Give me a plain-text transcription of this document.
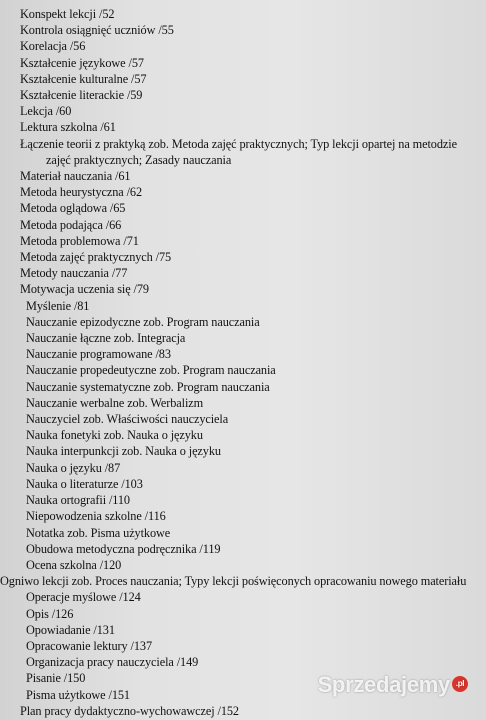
Konspekt lekcji /52
Kontrola osiągnięć uczniów /55
Korelacja /56
Kształcenie językowe /57
Kształcenie kulturalne /57
Kształcenie literackie /59
Lekcja /60
Lektura szkolna /61
Łączenie teorii z praktyką zob. Metoda zajęć praktycznych; Typ lekcji opartej na metodzie zajęć praktycznych; Zasady nauczania
Materiał nauczania /61
Metoda heurystyczna /62
Metoda oglądowa /65
Metoda podająca /66
Metoda problemowa /71
Metoda zajęć praktycznych /75
Metody nauczania /77
Motywacja uczenia się /79
Myślenie /81
Nauczanie epizodyczne zob. Program nauczania
Nauczanie łączne zob. Integracja
Nauczanie programowane /83
Nauczanie propedeutyczne zob. Program nauczania
Nauczanie systematyczne zob. Program nauczania
Nauczanie werbalne zob. Werbalizm
Nauczyciel zob. Właściwości nauczyciela
Nauka fonetyki zob. Nauka o języku
Nauka interpunkcji zob. Nauka o języku
Nauka o języku /87
Nauka o literaturze /103
Nauka ortografii /110
Niepowodzenia szkolne /116
Notatka zob. Pisma użytkowe
Obudowa metodyczna podręcznika /119
Ocena szkolna /120
Ogniwo lekcji zob. Proces nauczania; Typy lekcji poświęconych opracowaniu nowego materiału
Operacje myślowe /124
Opis /126
Opowiadanie /131
Opracowanie lektury /137
Organizacja pracy nauczyciela /149
Pisanie /150
Pisma użytkowe /151
Plan pracy dydaktyczno-wychowawczej /152
Sprzedajemy .pl
